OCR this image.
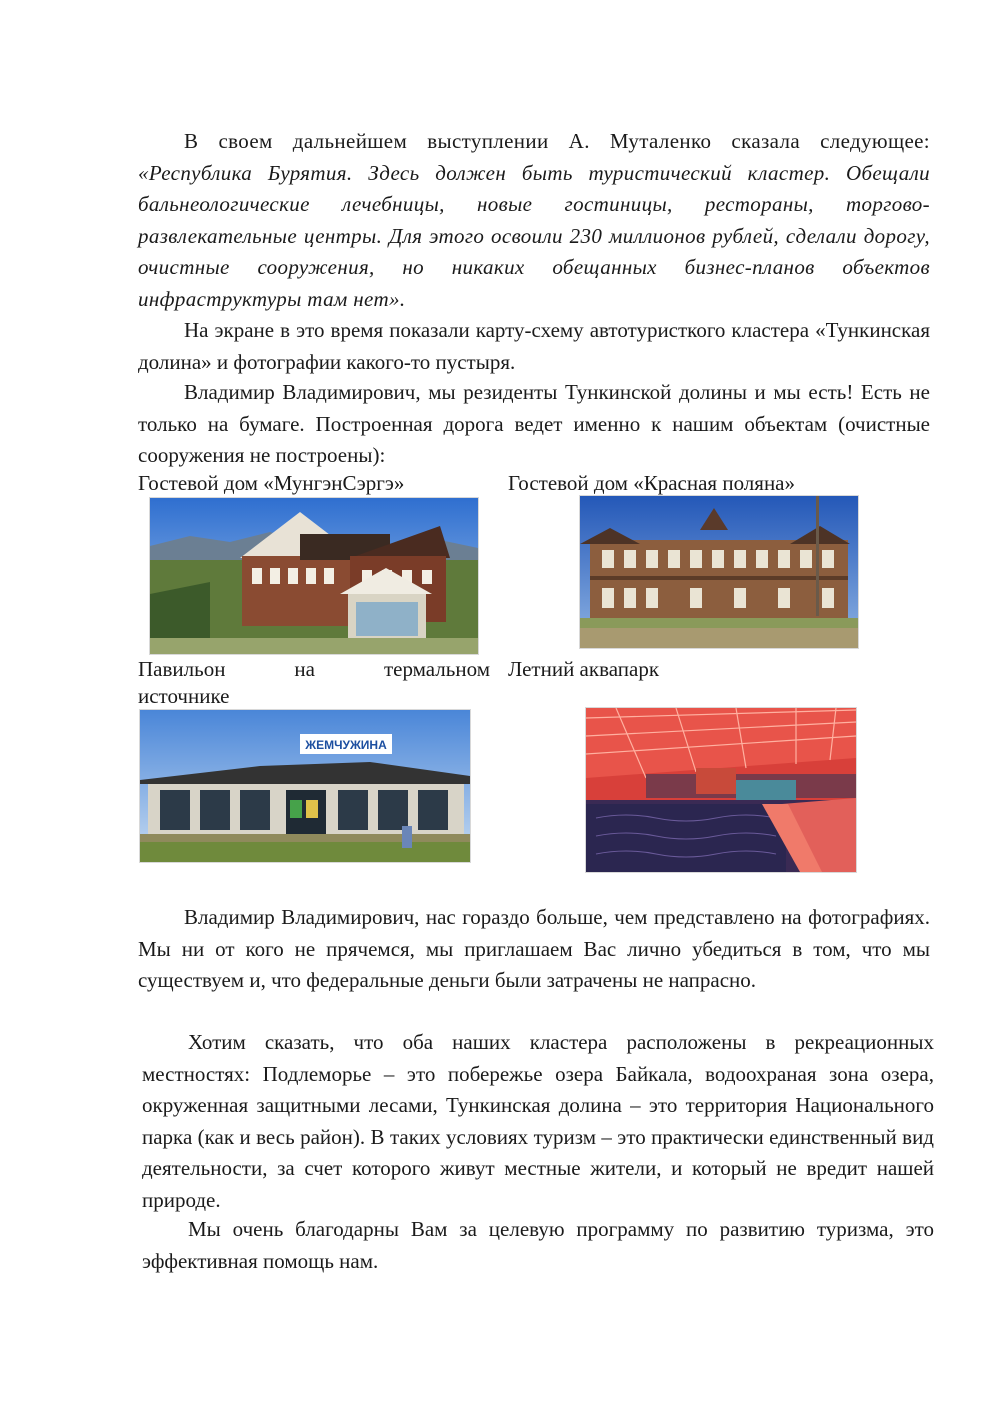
В своем дальнейшем выступлении А. Муталенко сказала следующее: «Республика Бурятия. Здесь должен быть туристический кластер. Обещали бальнеологические лечебницы, новые гостиницы, рестораны, торгово-развлекательные центры. Для этого освоили 230 миллионов рублей, сделали дорогу, очистные сооружения, но никаких обещанных бизнес-планов объектов инфраструктуры там нет».

На экране в это время показали карту-схему автотуристкого кластера «Тункинская долина» и фотографии какого-то пустыря.

Владимир Владимирович, мы резиденты Тункинской долины и мы есть! Есть не только на бумаге. Построенная дорога ведет именно к нашим объектам (очистные сооружения не построены):

Гостевой дом «МунгэнСэргэ»	Гостевой дом «Красная поляна»

Павильон	на	термальном
источнике

Летний аквапарк

ЖЕМЧУЖИНА

Владимир Владимирович, нас гораздо больше, чем представлено на фотографиях. Мы ни от кого не прячемся, мы приглашаем Вас лично убедиться в том, что мы существуем и, что федеральные деньги были затрачены не напрасно.

Хотим сказать, что оба наших кластера расположены в рекреационных местностях: Подлеморье – это побережье озера Байкала, водоохраная зона озера, окруженная защитными лесами, Тункинская долина – это территория Национального парка (как и весь район). В таких условиях туризм – это практически единственный вид деятельности, за счет которого живут местные жители, и который не вредит нашей природе.

Мы очень благодарны Вам за целевую программу по развитию туризма, это эффективная помощь нам.
